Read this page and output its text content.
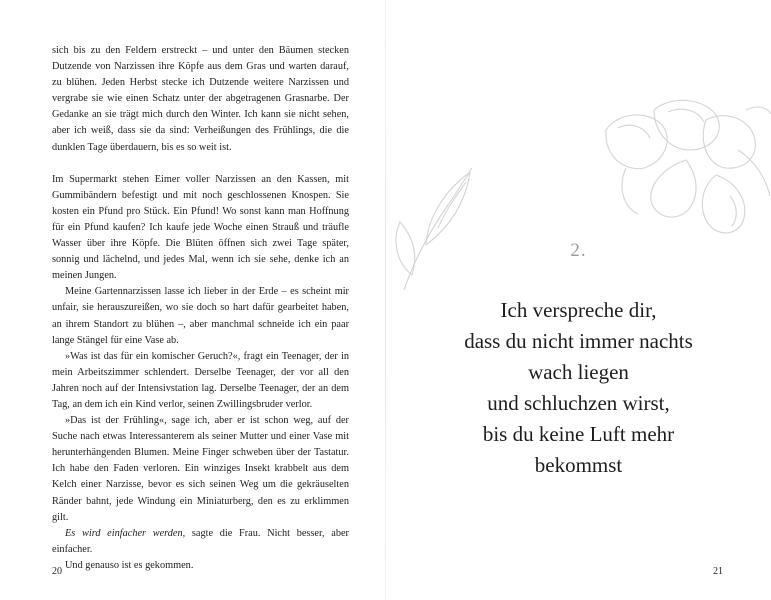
sich bis zu den Feldern erstreckt – und unter den Bäumen stecken Dutzende von Narzissen ihre Köpfe aus dem Gras und warten darauf, zu blühen. Jeden Herbst stecke ich Dutzende weitere Narzissen und vergrabe sie wie einen Schatz unter der abgetragenen Grasnarbe. Der Gedanke an sie trägt mich durch den Winter. Ich kann sie nicht sehen, aber ich weiß, dass sie da sind: Verheißungen des Frühlings, die die dunklen Tage überdauern, bis es so weit ist.

Im Supermarkt stehen Eimer voller Narzissen an den Kassen, mit Gummibändern befestigt und mit noch geschlossenen Knospen. Sie kosten ein Pfund pro Stück. Ein Pfund! Wo sonst kann man Hoffnung für ein Pfund kaufen? Ich kaufe jede Woche einen Strauß und träufle Wasser über ihre Köpfe. Die Blüten öffnen sich zwei Tage später, sonnig und lächelnd, und jedes Mal, wenn ich sie sehe, denke ich an meinen Jungen.

Meine Gartennarzissen lasse ich lieber in der Erde – es scheint mir unfair, sie herauszureißen, wo sie doch so hart dafür gearbeitet haben, an ihrem Standort zu blühen –, aber manchmal schneide ich ein paar lange Stängel für eine Vase ab.

»Was ist das für ein komischer Geruch?«, fragt ein Teenager, der in mein Arbeitszimmer schlendert. Derselbe Teenager, der vor all den Jahren noch auf der Intensivstation lag. Derselbe Teenager, der an dem Tag, an dem ich ein Kind verlor, seinen Zwillingsbruder verlor.

»Das ist der Frühling«, sage ich, aber er ist schon weg, auf der Suche nach etwas Interessanterem als seiner Mutter und einer Vase mit herunterhängenden Blumen. Meine Finger schweben über der Tastatur. Ich habe den Faden verloren. Ein winziges Insekt krabbelt aus dem Kelch einer Narzisse, bevor es sich seinen Weg um die gekräuselten Ränder bahnt, jede Windung ein Miniaturberg, den es zu erklimmen gilt.

Es wird einfacher werden, sagte die Frau. Nicht besser, aber einfacher.

Und genauso ist es gekommen.

20
2.
Ich verspreche dir,
dass du nicht immer nachts
wach liegen
und schluchzen wirst,
bis du keine Luft mehr
bekommst
21
